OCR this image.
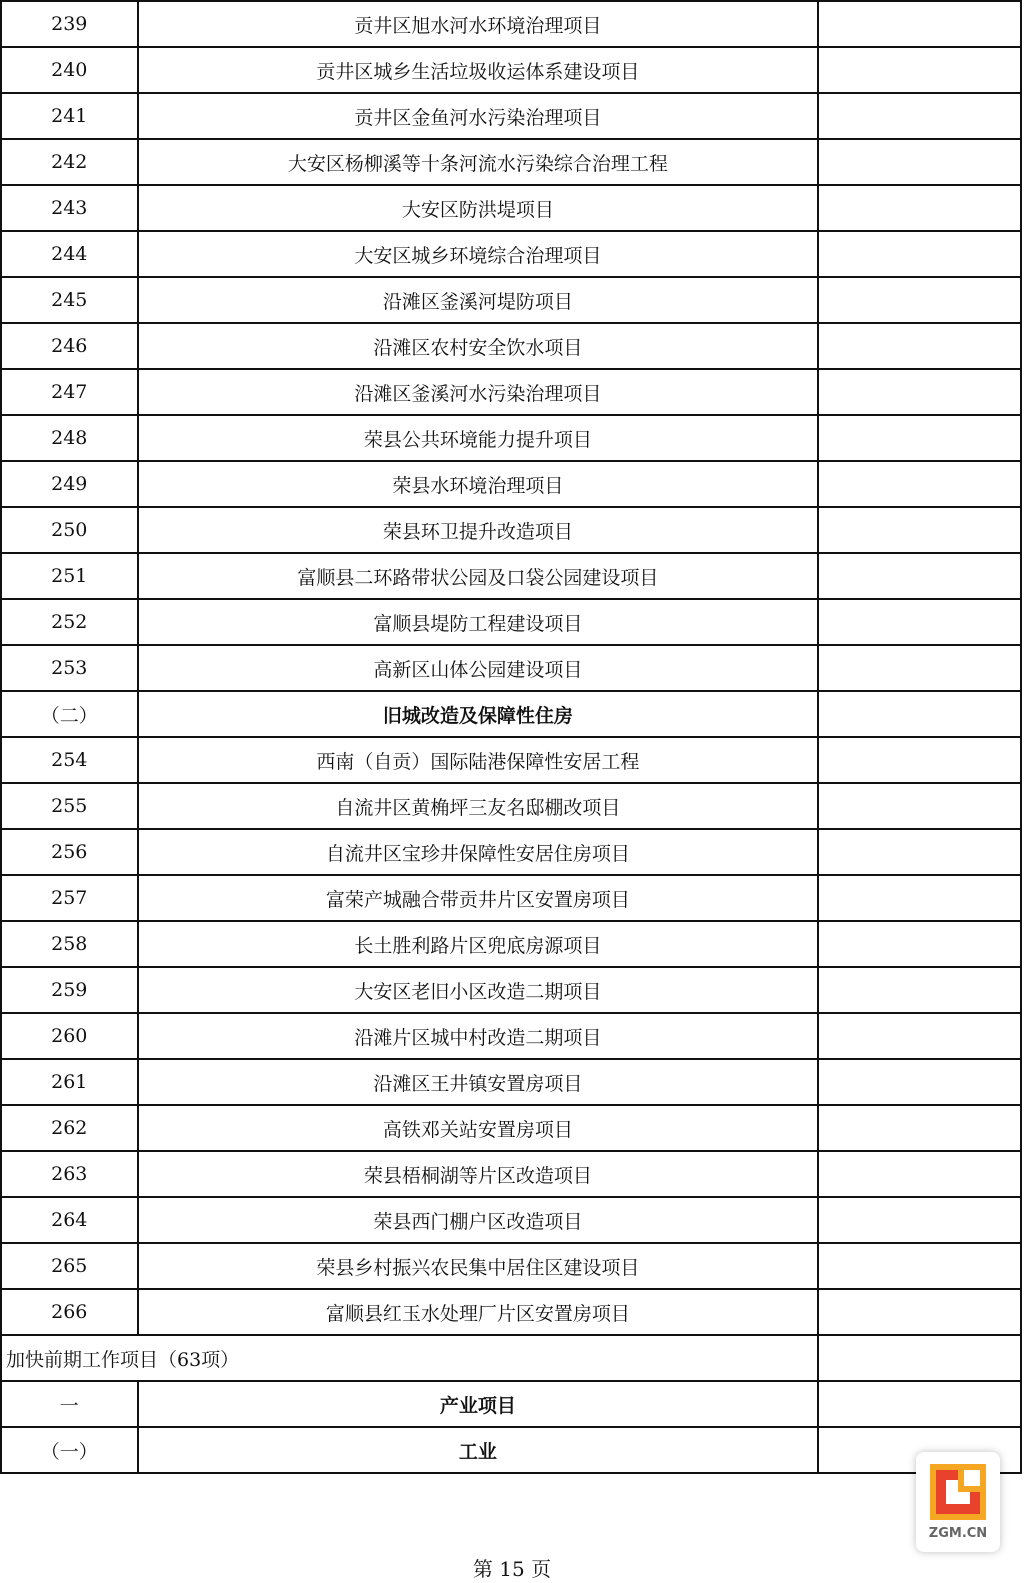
239	贡井区旭水河水环境治理项目	
240	贡井区城乡生活垃圾收运体系建设项目	
241	贡井区金鱼河水污染治理项目	
242	大安区杨柳溪等十条河流水污染综合治理工程	
243	大安区防洪堤项目	
244	大安区城乡环境综合治理项目	
245	沿滩区釜溪河堤防项目	
246	沿滩区农村安全饮水项目	
247	沿滩区釜溪河水污染治理项目	
248	荣县公共环境能力提升项目	
249	荣县水环境治理项目	
250	荣县环卫提升改造项目	
251	富顺县二环路带状公园及口袋公园建设项目	
252	富顺县堤防工程建设项目	
253	高新区山体公园建设项目	
（二）	旧城改造及保障性住房	
254	西南（自贡）国际陆港保障性安居工程	
255	自流井区黄桷坪三友名邸棚改项目	
256	自流井区宝珍井保障性安居住房项目	
257	富荣产城融合带贡井片区安置房项目	
258	长土胜利路片区兜底房源项目	
259	大安区老旧小区改造二期项目	
260	沿滩片区城中村改造二期项目	
261	沿滩区王井镇安置房项目	
262	高铁邓关站安置房项目	
263	荣县梧桐湖等片区改造项目	
264	荣县西门棚户区改造项目	
265	荣县乡村振兴农民集中居住区建设项目	
266	富顺县红玉水处理厂片区安置房项目	
加快前期工作项目（63项）		
一	产业项目	
（一）	工业	
第 15 页
ZGM.CN
